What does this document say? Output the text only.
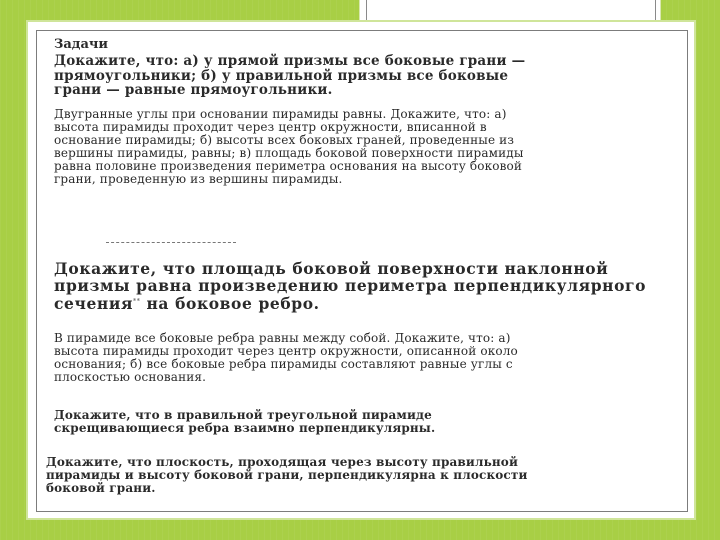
Задачи

Докажите, что: а) у прямой призмы все боковые грани — прямоугольники; б) у правильной призмы все боковые грани — равные прямоугольники.

Двугранные углы при основании пирамиды равны. Докажите, что: а) высота пирамиды проходит через центр окружности, вписанной в основание пирамиды; б) высоты всех боковых граней, проведенные из вершины пирамиды, равны; в) площадь боковой поверхности пирамиды равна половине произведения периметра основания на высоту боковой грани, проведенную из вершины пирамиды.

Докажите, что площадь боковой поверхности наклонной призмы равна произведению периметра перпендикулярного сечения** на боковое ребро.

В пирамиде все боковые ребра равны между собой. Докажите, что: а) высота пирамиды проходит через центр окружности, описанной около основания; б) все боковые ребра пирамиды составляют равные углы с плоскостью основания.

Докажите, что в правильной треугольной пирамиде скрещивающиеся ребра взаимно перпендикулярны.

Докажите, что плоскость, проходящая через высоту правильной пирамиды и высоту боковой грани, перпендикулярна к плоскости боковой грани.
